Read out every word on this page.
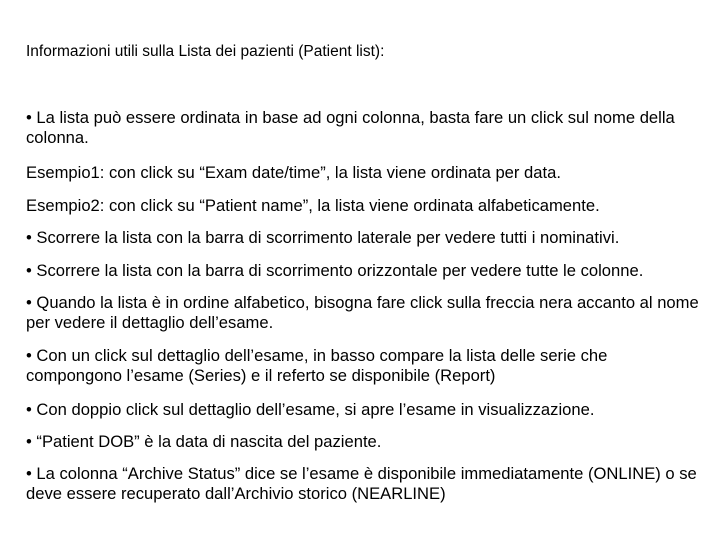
Informazioni utili sulla Lista dei pazienti (Patient list):

• La lista può essere ordinata in base ad ogni colonna, basta fare un click sul nome della colonna.

Esempio1: con click su “Exam date/time”, la lista viene ordinata per data.

Esempio2: con click su “Patient name”, la lista viene ordinata alfabeticamente.

• Scorrere la lista con la barra di scorrimento laterale per vedere tutti i nominativi.

• Scorrere la lista con la barra di scorrimento orizzontale per vedere tutte le colonne.

• Quando la lista è in ordine alfabetico, bisogna fare click sulla freccia nera accanto al nome per vedere il dettaglio dell’esame.

• Con un click sul dettaglio dell’esame, in basso compare la lista delle serie che compongono l’esame (Series) e il referto se disponibile (Report)

• Con doppio click sul dettaglio dell’esame, si apre l’esame in visualizzazione.

• “Patient DOB” è la data di nascita del paziente.

• La colonna “Archive Status” dice se l’esame è disponibile immediatamente (ONLINE) o se deve essere recuperato dall’Archivio storico (NEARLINE)
